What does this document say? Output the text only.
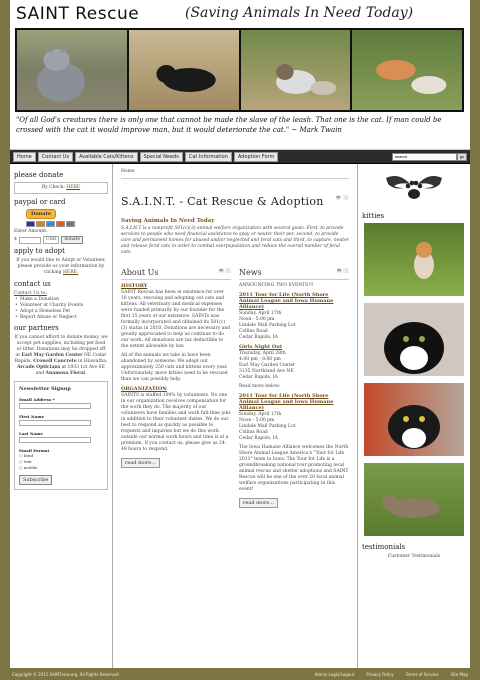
SAINT Rescue	(Saving Animals In Need Today)
"Of all God's creatures there is only one that cannot be made the slave of the leash. That one is the cat. If man could be crossed with the cat it would improve man, but it would deteriorate the cat." ~ Mark Twain
Home	Contact Us	Available Cats/Kittens	Special Needs	Cat Information	Adoption Form
search..	go
please donate
By Check: HERE
paypal or card
Donate
Enter Amount:
$	USD	donate
apply to adopt
If you would like to Adopt or Volunteer, please provide us your information by clicking HERE.
contact us
Contact Us to:
• Make a Donation
• Volunteer at Charity Events
• Adopt a Homeless Pet
• Report Abuse or Neglect
our partners
If you cannot afford to donate money, we accept pet supplies, including pet food or litter. Donations may be dropped off at Earl May Garden Center NE Cedar Rapids, Crowell Concrete in Hiawatha, Arcade Opticians at 1933 1st Ave SE and Anamosa Floral.
Newsletter Signup
Email Address *
First Name
Last Name
Email Format
○ html
○ text
○ mobile
Subscribe
Home
S.A.I.N.T. - Cat Rescue & Adoption 🖶 ✉
Saving Animals In Need Today
S.A.I.N.T is a nonprofit 501(c)(3) animal welfare organization with several goals. First, to provide services to people who need financial assistance to spay or neuter their pet; second, to provide care and permanent homes for abused and/or neglected and feral cats and third, to capture, neuter and release feral cats in order to combat overpopulation and reduce the overall number of feral cats.
About Us	🖶 ✉
HISTORY

SAINT Rescue has been in existence for over 16 years, rescuing and adopting out cats and kittens. All veterinary and medical expenses were funded primarily by our founder for the first 15 years of our existence. SAINTs was formally incorporated and obtained its 501(c)(3) status in 2010. Donations are necessary and greatly appreciated to help us continue to do our work. All donations are tax deductible to the extent allowable by law.

All of the animals we take in have been abandoned by someone. We adopt out approximately 250 cats and kittens every year. Unfortunately, more kitties need to be rescued than we can possibly help.

ORGANIZATION

SAINTS is staffed 100% by volunteers. No one in our organization receives compensation for the work they do. The majority of our volunteers have families and work full-time jobs in addition to their volunteer duties. We do our best to respond as quickly as possible to requests and inquiries but we do this work outside our normal work hours and time is at a premium. If you contact us, please give us 24-48 hours to respond.

read more...
News	🖶 ✉

ANNOUNCING TWO EVENTS!!!

2011 Tour for Life (North Shore Animal League and Iowa Humane Alliance)

Sunday, April 17th
Noon - 5:00 pm
Lindale Mall Parking Lot
Collins Road
Cedar Rapids, IA

Girls Night Out

Thursday, April 28th
4:00 pm - 8:00 pm
Earl May Garden Center
3135 Northland Ave NE
Cedar Rapids, IA

Read more below:

2011 Tour for Life (North Shore Animal League and Iowa Humane Alliance)

Sunday, April 17th
Noon - 5:00 pm
Lindale Mall Parking Lot
Collins Road
Cedar Rapids, IA

The Iowa Humane Alliance welcomes the North Shore Animal League America's "Tour for Life 2011" team to Iowa. The Tour for Life is a groundbreaking national tour promoting local animal rescue and shelter adoptions and SAINT Rescue will be one of the over 20 local animal welfare organizations participating in this event!

read more...
kitties
testimonials
Customer Testimonials
Copyright © 2011 SAINTnow.org. All Rights Reserved	Admin Login/Logout	Privacy Policy	Terms of Service	Site Map
